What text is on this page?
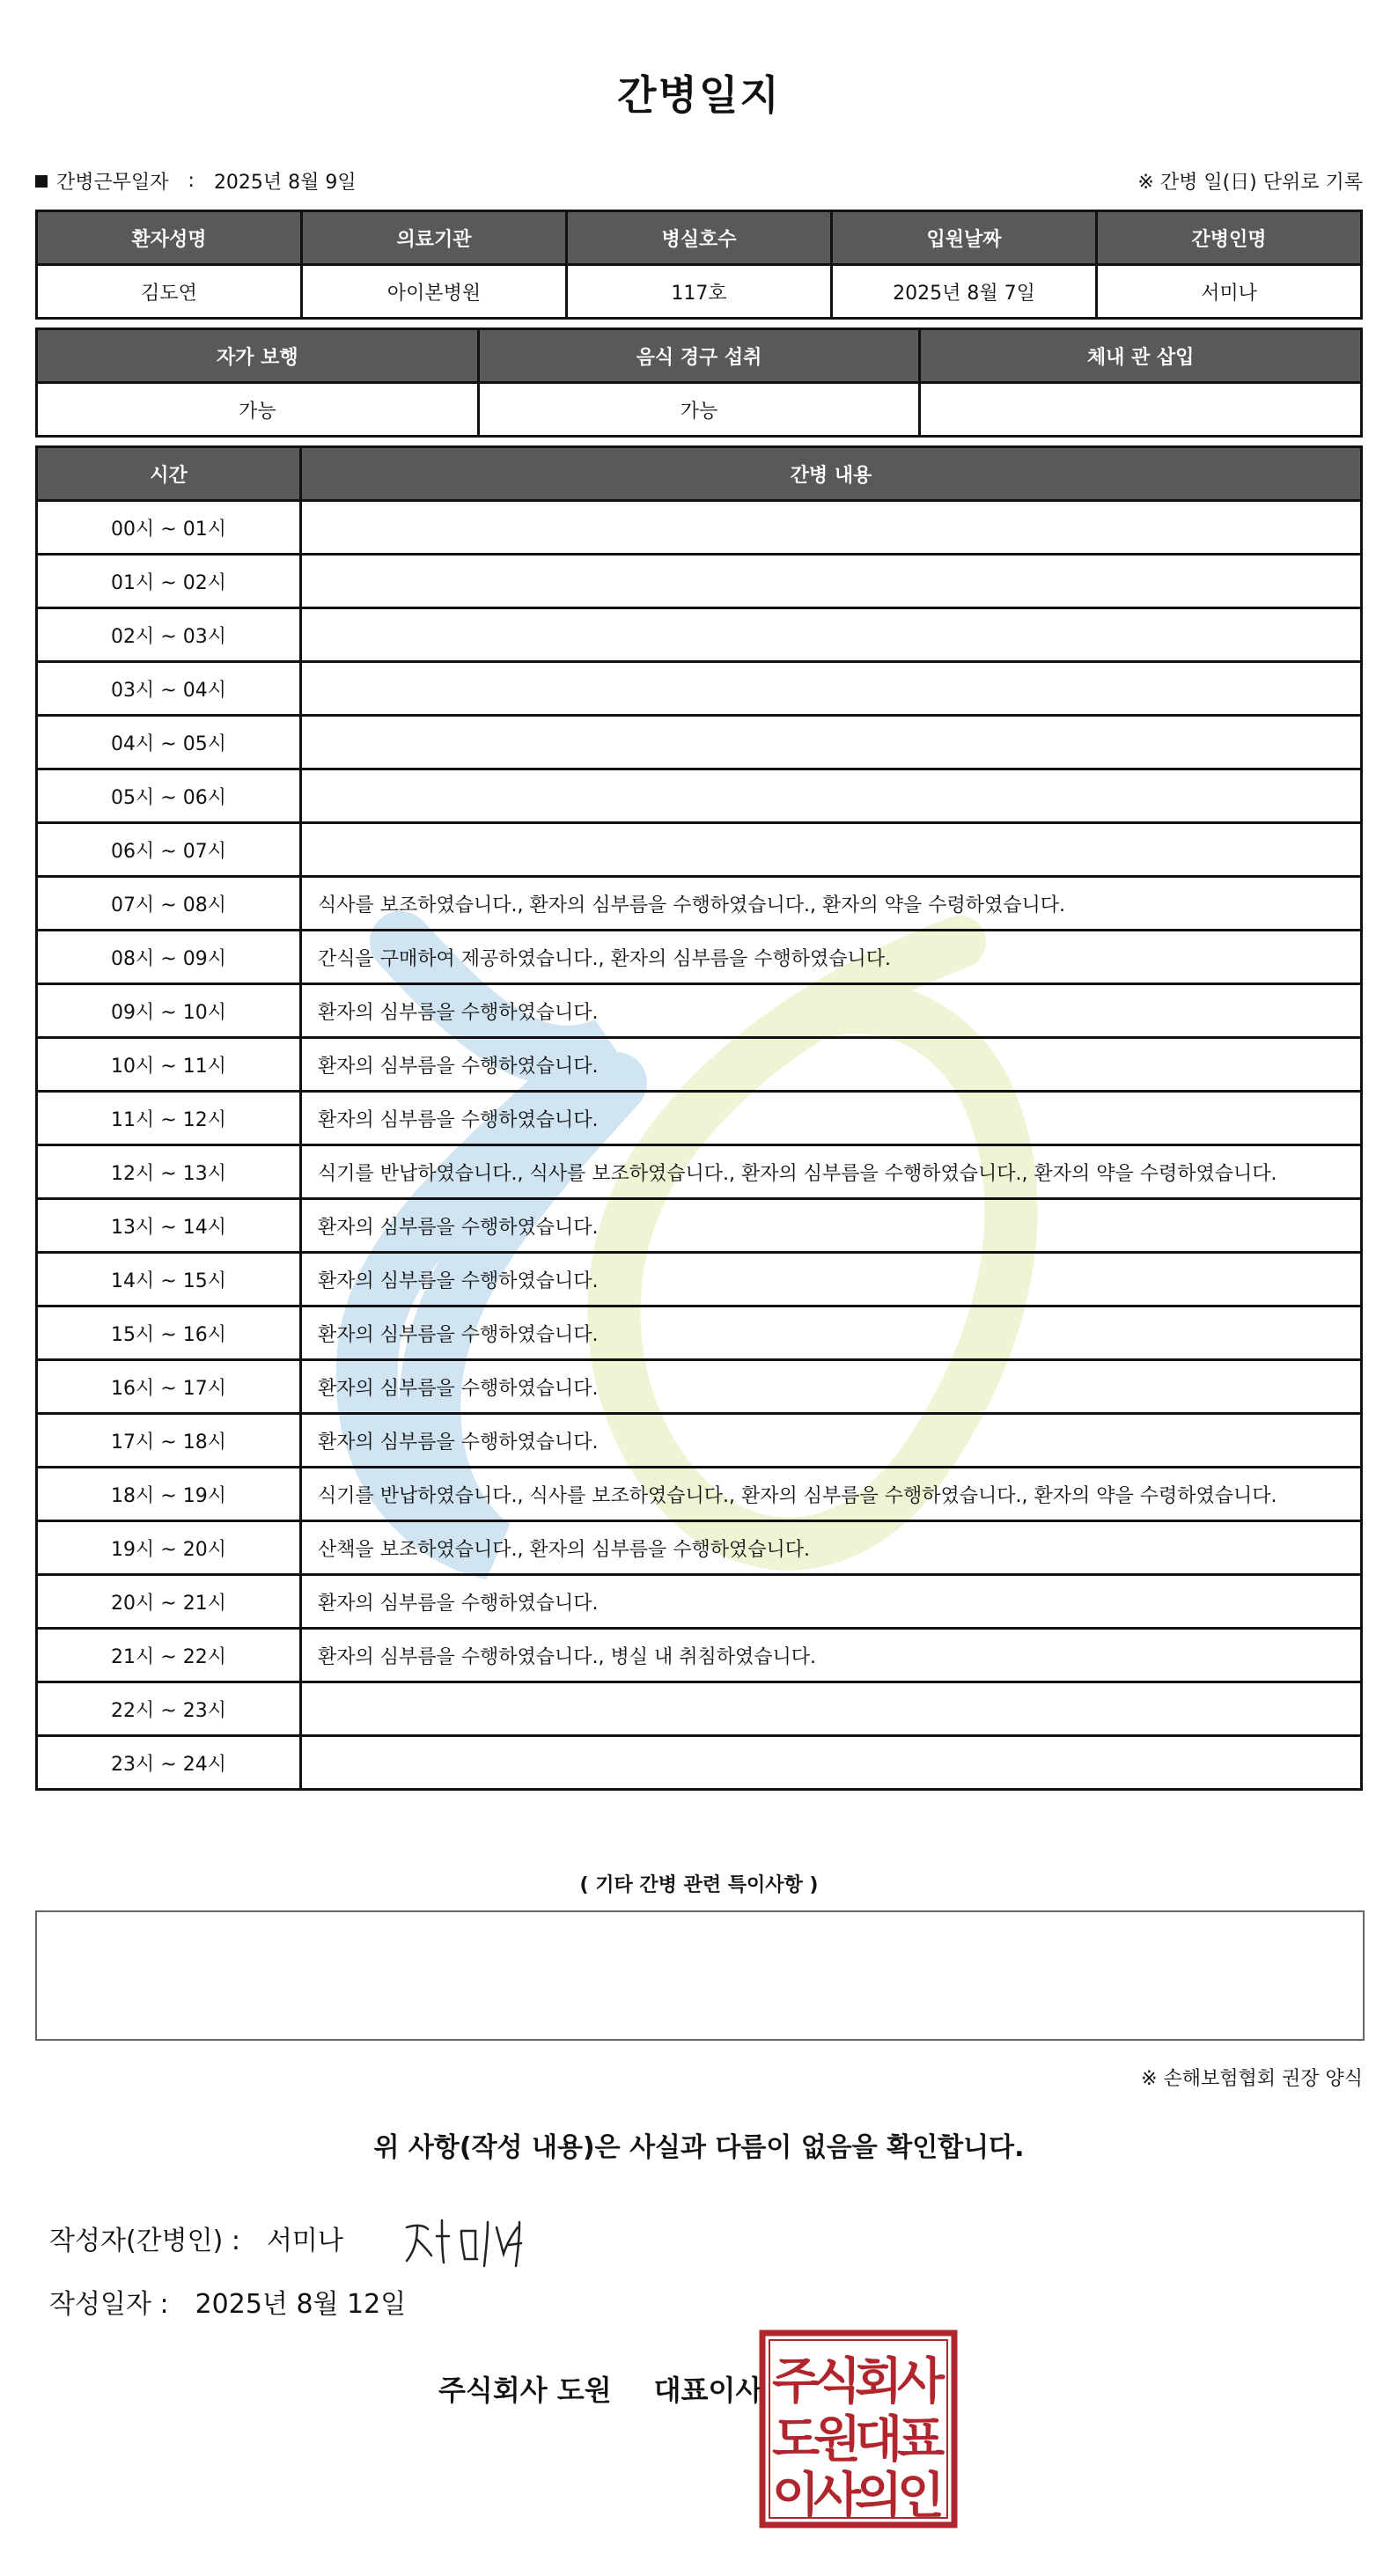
간병일지
간병근무일자 : 2025년 8월 9일	※ 간병 일(日) 단위로 기록
환자성명	의료기관	병실호수	입원날짜	간병인명
김도연	아이본병원	117호	2025년 8월 7일	서미나
자가 보행	음식 경구 섭취	체내 관 삽입
가능	가능	
시간	간병 내용
00시 ~ 01시	
01시 ~ 02시	
02시 ~ 03시	
03시 ~ 04시	
04시 ~ 05시	
05시 ~ 06시	
06시 ~ 07시	
07시 ~ 08시	식사를 보조하였습니다., 환자의 심부름을 수행하였습니다., 환자의 약을 수령하였습니다.
08시 ~ 09시	간식을 구매하여 제공하였습니다., 환자의 심부름을 수행하였습니다.
09시 ~ 10시	환자의 심부름을 수행하였습니다.
10시 ~ 11시	환자의 심부름을 수행하였습니다.
11시 ~ 12시	환자의 심부름을 수행하였습니다.
12시 ~ 13시	식기를 반납하였습니다., 식사를 보조하였습니다., 환자의 심부름을 수행하였습니다., 환자의 약을 수령하였습니다.
13시 ~ 14시	환자의 심부름을 수행하였습니다.
14시 ~ 15시	환자의 심부름을 수행하였습니다.
15시 ~ 16시	환자의 심부름을 수행하였습니다.
16시 ~ 17시	환자의 심부름을 수행하였습니다.
17시 ~ 18시	환자의 심부름을 수행하였습니다.
18시 ~ 19시	식기를 반납하였습니다., 식사를 보조하였습니다., 환자의 심부름을 수행하였습니다., 환자의 약을 수령하였습니다.
19시 ~ 20시	산책을 보조하였습니다., 환자의 심부름을 수행하였습니다.
20시 ~ 21시	환자의 심부름을 수행하였습니다.
21시 ~ 22시	환자의 심부름을 수행하였습니다., 병실 내 취침하였습니다.
22시 ~ 23시	
23시 ~ 24시	
( 기타 간병 관련 특이사항 )
※ 손해보험협회 권장 양식
위 사항(작성 내용)은 사실과 다름이 없음을 확인합니다.
작성자(간병인) : 서미나
작성일자 : 2025년 8월 12일
주식회사 도원 대표이사 주
식
회
사
도
원
대
표
이
사
의
인
